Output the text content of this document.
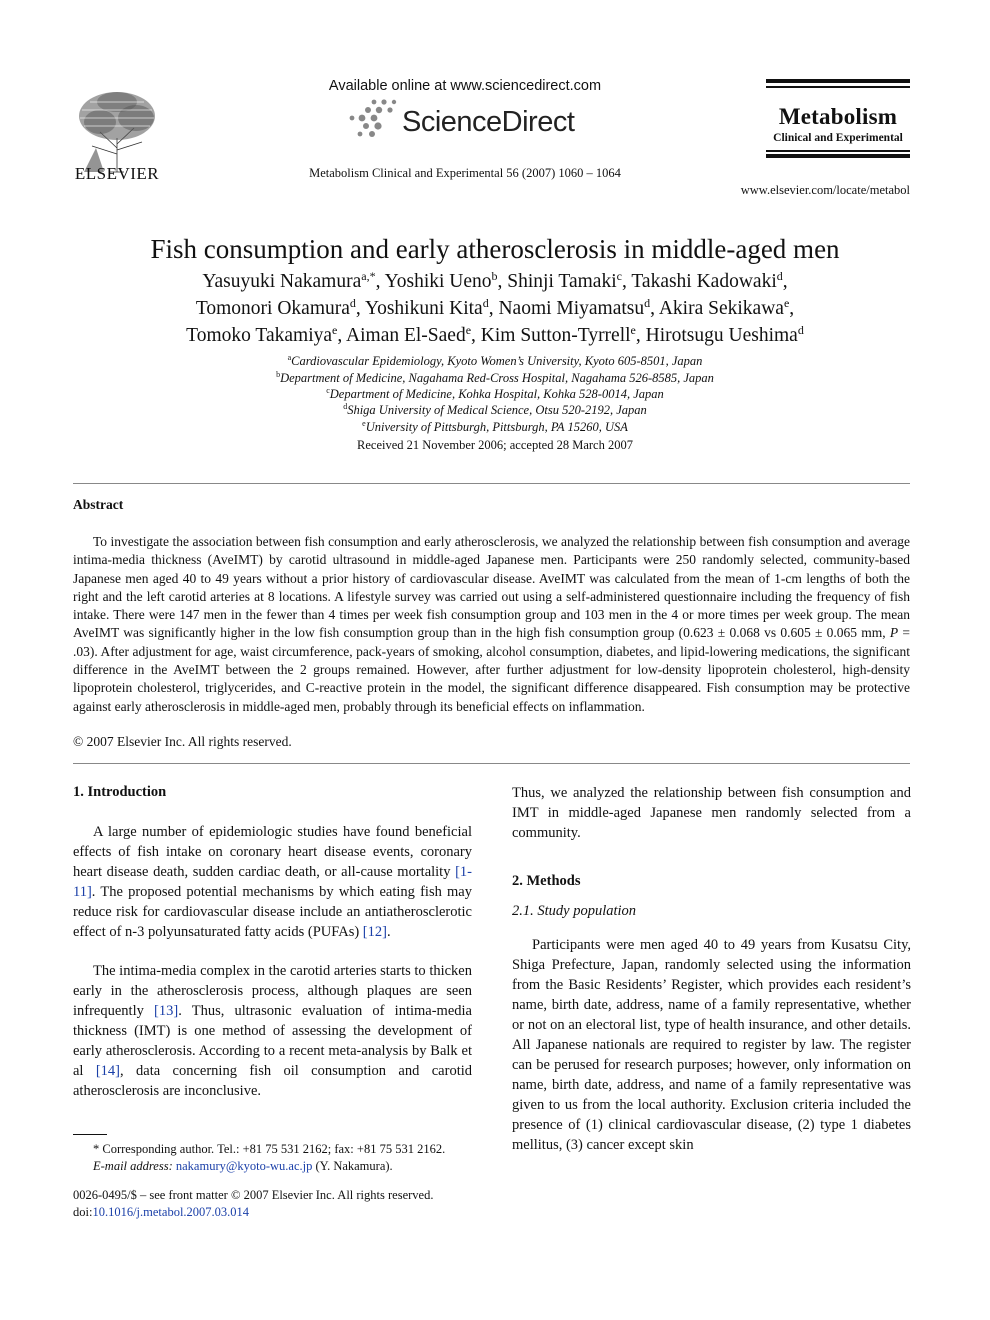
ELSEVIER
Available online at www.sciencedirect.com
ScienceDirect
Metabolism Clinical and Experimental 56 (2007) 1060 – 1064
Metabolism
Clinical and Experimental
www.elsevier.com/locate/metabol
Fish consumption and early atherosclerosis in middle-aged men
Yasuyuki Nakamura$^{a,*}$, Yoshiki Ueno$^b$, Shinji Tamaki$^c$, Takashi Kadowaki$^d$,
Tomonori Okamura$^d$, Yoshikuni Kita$^d$, Naomi Miyamatsu$^d$, Akira Sekikawa$^e$,
Tomoko Takamiya$^e$, Aiman El-Saed$^e$, Kim Sutton-Tyrrell$^e$, Hirotsugu Ueshima$^d$
$^a$Cardiovascular Epidemiology, Kyoto Women’s University, Kyoto 605-8501, Japan
$^b$Department of Medicine, Nagahama Red-Cross Hospital, Nagahama 526-8585, Japan
$^c$Department of Medicine, Kohka Hospital, Kohka 528-0014, Japan
$^d$Shiga University of Medical Science, Otsu 520-2192, Japan
$^e$University of Pittsburgh, Pittsburgh, PA 15260, USA
Received 21 November 2006; accepted 28 March 2007
Abstract

To investigate the association between fish consumption and early atherosclerosis, we analyzed the relationship between fish consumption and average intima-media thickness (AveIMT) by carotid ultrasound in middle-aged Japanese men. Participants were 250 randomly selected, community-based Japanese men aged 40 to 49 years without a prior history of cardiovascular disease. AveIMT was calculated from the mean of 1-cm lengths of both the right and the left carotid arteries at 8 locations. A lifestyle survey was carried out using a self-administered questionnaire including the frequency of fish intake. There were 147 men in the fewer than 4 times per week fish consumption group and 103 men in the 4 or more times per week group. The mean AveIMT was significantly higher in the low fish consumption group than in the high fish consumption group (0.623 ± 0.068 vs 0.605 ± 0.065 mm, P = .03). After adjustment for age, waist circumference, pack-years of smoking, alcohol consumption, diabetes, and lipid-lowering medications, the significant difference in the AveIMT between the 2 groups remained. However, after further adjustment for low-density lipoprotein cholesterol, high-density lipoprotein cholesterol, triglycerides, and C-reactive protein in the model, the significant difference disappeared. Fish consumption may be protective against early atherosclerosis in middle-aged men, probably through its beneficial effects on inflammation.

© 2007 Elsevier Inc. All rights reserved.
1. Introduction

A large number of epidemiologic studies have found beneficial effects of fish intake on coronary heart disease events, coronary heart disease death, sudden cardiac death, or all-cause mortality [1-11]. The proposed potential mechanisms by which eating fish may reduce risk for cardiovascular disease include an antiatherosclerotic effect of n-3 polyunsaturated fatty acids (PUFAs) [12].

The intima-media complex in the carotid arteries starts to thicken early in the atherosclerosis process, although plaques are seen infrequently [13]. Thus, ultrasonic evaluation of intima-media thickness (IMT) is one method of assessing the development of early atherosclerosis. According to a recent meta-analysis by Balk et al [14], data concerning fish oil consumption and carotid atherosclerosis are inconclusive.

* Corresponding author. Tel.: +81 75 531 2162; fax: +81 75 531 2162.
E-mail address: nakamury@kyoto-wu.ac.jp (Y. Nakamura).
0026-0495/$ – see front matter © 2007 Elsevier Inc. All rights reserved.
doi:10.1016/j.metabol.2007.03.014

Thus, we analyzed the relationship between fish consumption and IMT in middle-aged Japanese men randomly selected from a community.

2. Methods
2.1. Study population

Participants were men aged 40 to 49 years from Kusatsu City, Shiga Prefecture, Japan, randomly selected using the information from the Basic Residents’ Register, which provides each resident’s name, birth date, address, name of a family representative, whether or not on an electoral list, type of health insurance, and other details. All Japanese nationals are required to register by law. The register can be perused for research purposes; however, only information on name, birth date, address, and name of a family representative was given to us from the local authority. Exclusion criteria included the presence of (1) clinical cardiovascular disease, (2) type 1 diabetes mellitus, (3) cancer except skin
